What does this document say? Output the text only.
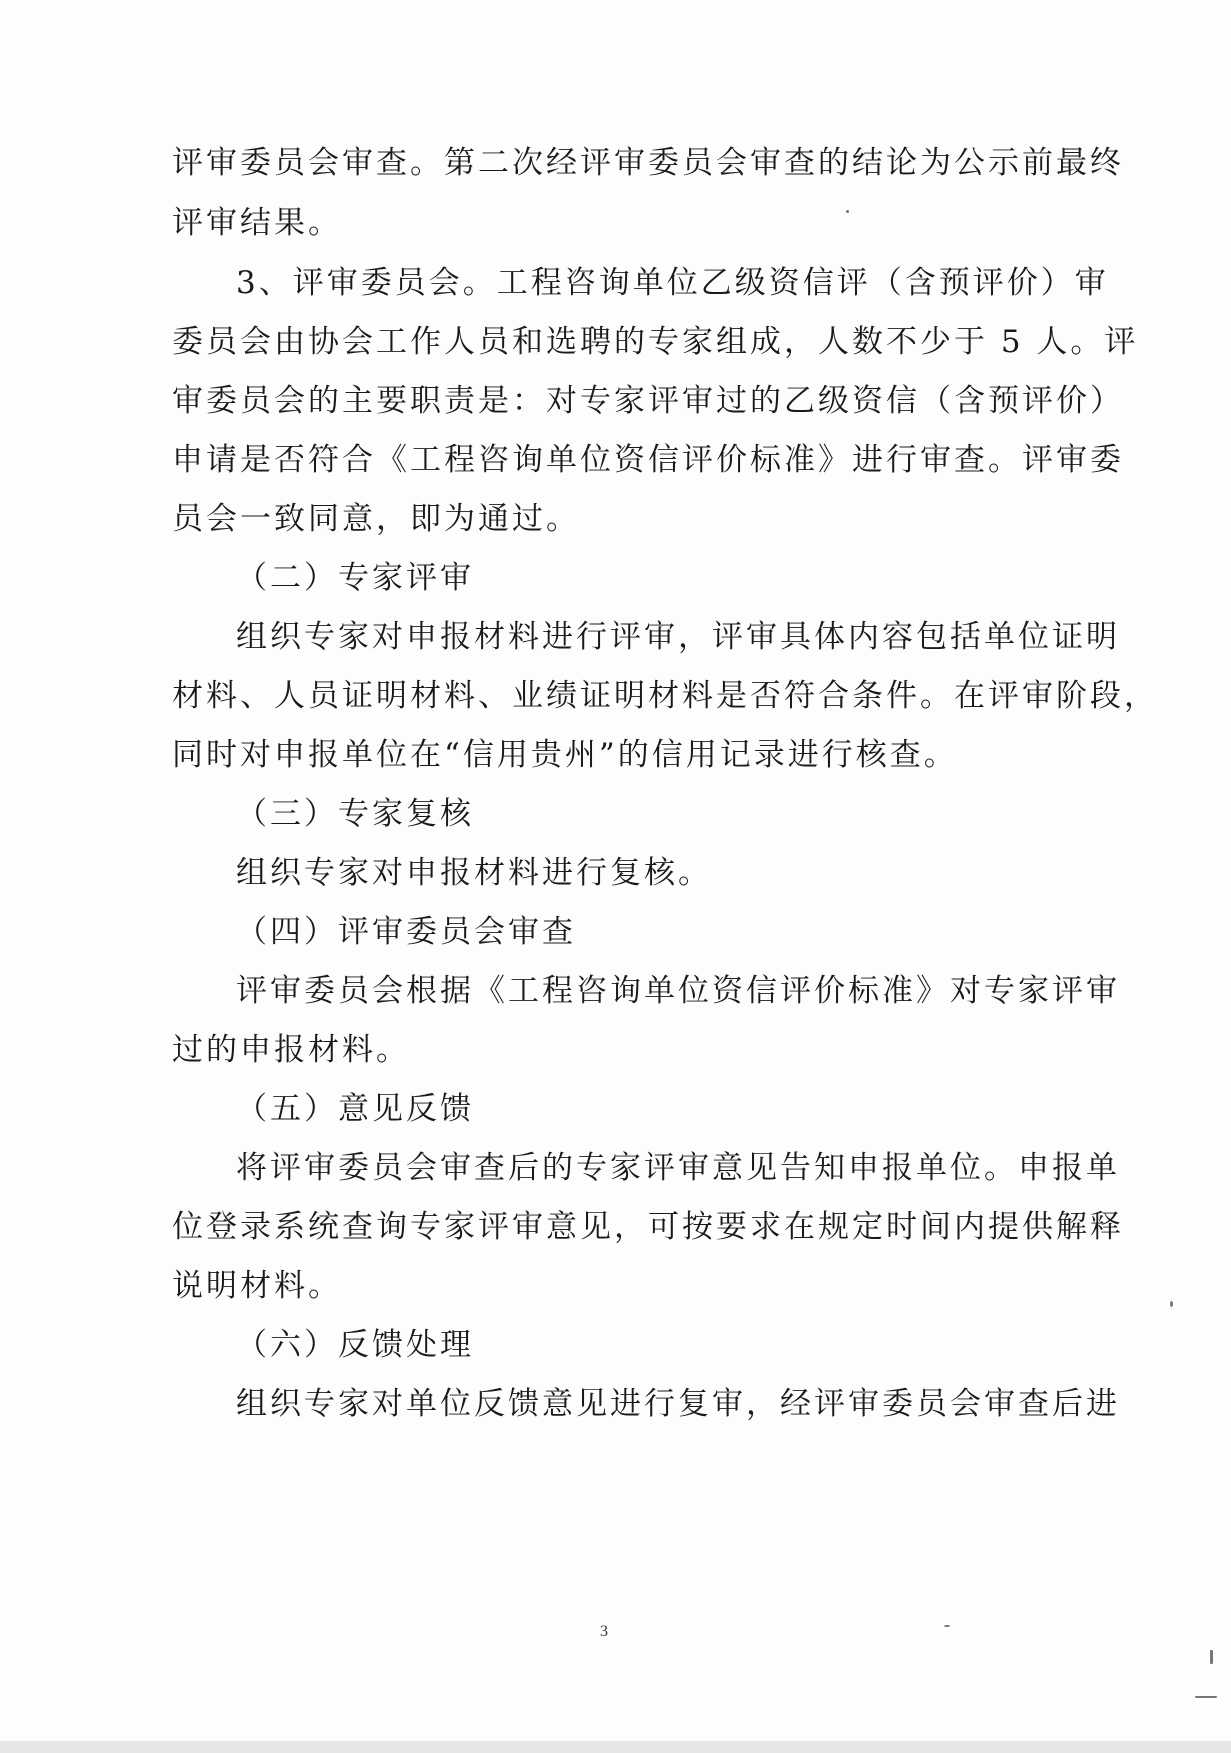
评审委员会审查。第二次经评审委员会审查的结论为公示前最终
评审结果。
3、评审委员会。工程咨询单位乙级资信评（含预评价）审
委员会由协会工作人员和选聘的专家组成，人数不少于 5 人。评
审委员会的主要职责是：对专家评审过的乙级资信（含预评价）
申请是否符合《工程咨询单位资信评价标准》进行审查。评审委
员会一致同意，即为通过。
（二）专家评审
组织专家对申报材料进行评审，评审具体内容包括单位证明
材料、人员证明材料、业绩证明材料是否符合条件。在评审阶段，
同时对申报单位在“信用贵州”的信用记录进行核查。
（三）专家复核
组织专家对申报材料进行复核。
（四）评审委员会审查
评审委员会根据《工程咨询单位资信评价标准》对专家评审
过的申报材料。
（五）意见反馈
将评审委员会审查后的专家评审意见告知申报单位。申报单
位登录系统查询专家评审意见，可按要求在规定时间内提供解释
说明材料。
（六）反馈处理
组织专家对单位反馈意见进行复审，经评审委员会审查后进
3
